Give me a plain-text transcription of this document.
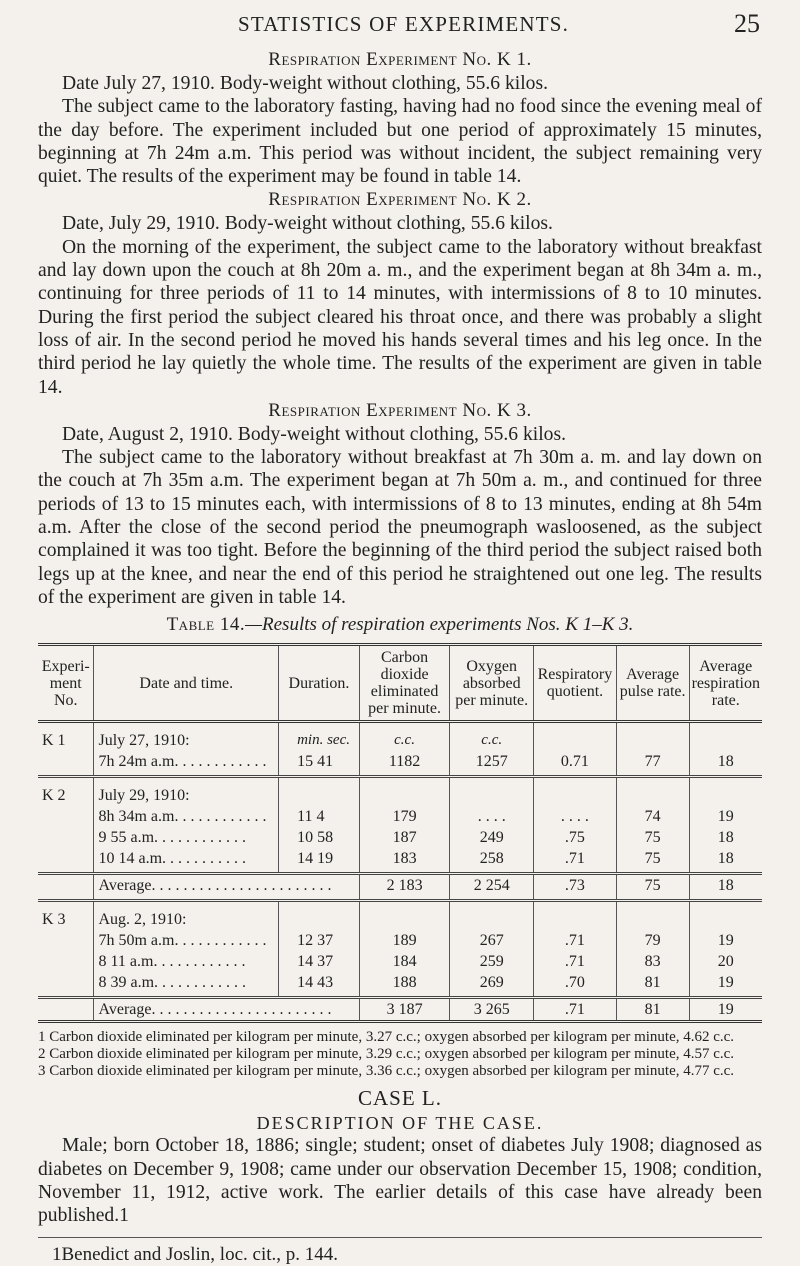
STATISTICS OF EXPERIMENTS.	25
Respiration Experiment No. K 1.

Date July 27, 1910. Body-weight without clothing, 55.6 kilos.

The subject came to the laboratory fasting, having had no food since the evening meal of the day before. The experiment included but one period of approximately 15 minutes, beginning at 7h 24m a.m. This period was without incident, the subject remaining very quiet. The results of the experiment may be found in table 14.

Respiration Experiment No. K 2.

Date, July 29, 1910. Body-weight without clothing, 55.6 kilos.

On the morning of the experiment, the subject came to the laboratory without breakfast and lay down upon the couch at 8h 20m a. m., and the experiment began at 8h 34m a. m., continuing for three periods of 11 to 14 minutes, with intermissions of 8 to 10 minutes. During the first period the subject cleared his throat once, and there was probably a slight loss of air. In the second period he moved his hands several times and his leg once. In the third period he lay quietly the whole time. The results of the experiment are given in table 14.

Respiration Experiment No. K 3.

Date, August 2, 1910. Body-weight without clothing, 55.6 kilos.

The subject came to the laboratory without breakfast at 7h 30m a. m. and lay down on the couch at 7h 35m a.m. The experiment began at 7h 50m a. m., and continued for three periods of 13 to 15 minutes each, with intermissions of 8 to 13 minutes, ending at 8h 54m a.m. After the close of the second period the pneumograph wasloosened, as the subject complained it was too tight. Before the beginning of the third period the subject raised both legs up at the knee, and near the end of this period he straightened out one leg. The results of the experiment are given in table 14.

Table 14.—Results of respiration experiments Nos. K 1–K 3.
Experi-ment No.	Date and time.	Duration.	Carbon dioxide eliminated per minute.	Oxygen absorbed per minute.	Respiratory quotient.	Average pulse rate.	Average respiration rate.
K 1	July 27, 1910:	min. sec.	c.c.	c.c.			
	7h 24m a.m. . . . . . . . . . . .	15 41	1182	1257	0.71	77	18
K 2	July 29, 1910:						
	8h 34m a.m. . . . . . . . . . . .	11 4	179	. . . .	. . . .	74	19
	9 55 a.m. . . . . . . . . . . .	10 58	187	249	.75	75	18
	10 14 a.m. . . . . . . . . . .	14 19	183	258	.71	75	18
	Average. . . . . . . . . . . . . . . . . . . . . . .		2 183	2 254	.73	75	18
K 3	Aug. 2, 1910:						
	7h 50m a.m. . . . . . . . . . . .	12 37	189	267	.71	79	19
	8 11 a.m. . . . . . . . . . . .	14 37	184	259	.71	83	20
	8 39 a.m. . . . . . . . . . . .	14 43	188	269	.70	81	19
	Average. . . . . . . . . . . . . . . . . . . . . . .		3 187	3 265	.71	81	19
1 Carbon dioxide eliminated per kilogram per minute, 3.27 c.c.; oxygen absorbed per kilogram per minute, 4.62 c.c.
2 Carbon dioxide eliminated per kilogram per minute, 3.29 c.c.; oxygen absorbed per kilogram per minute, 4.57 c.c.
3 Carbon dioxide eliminated per kilogram per minute, 3.36 c.c.; oxygen absorbed per kilogram per minute, 4.77 c.c.
CASE L.
DESCRIPTION OF THE CASE.

Male; born October 18, 1886; single; student; onset of diabetes July 1908; diagnosed as diabetes on December 9, 1908; came under our observation December 15, 1908; condition, November 11, 1912, active work. The earlier details of this case have already been published.1

1Benedict and Joslin, loc. cit., p. 144.
